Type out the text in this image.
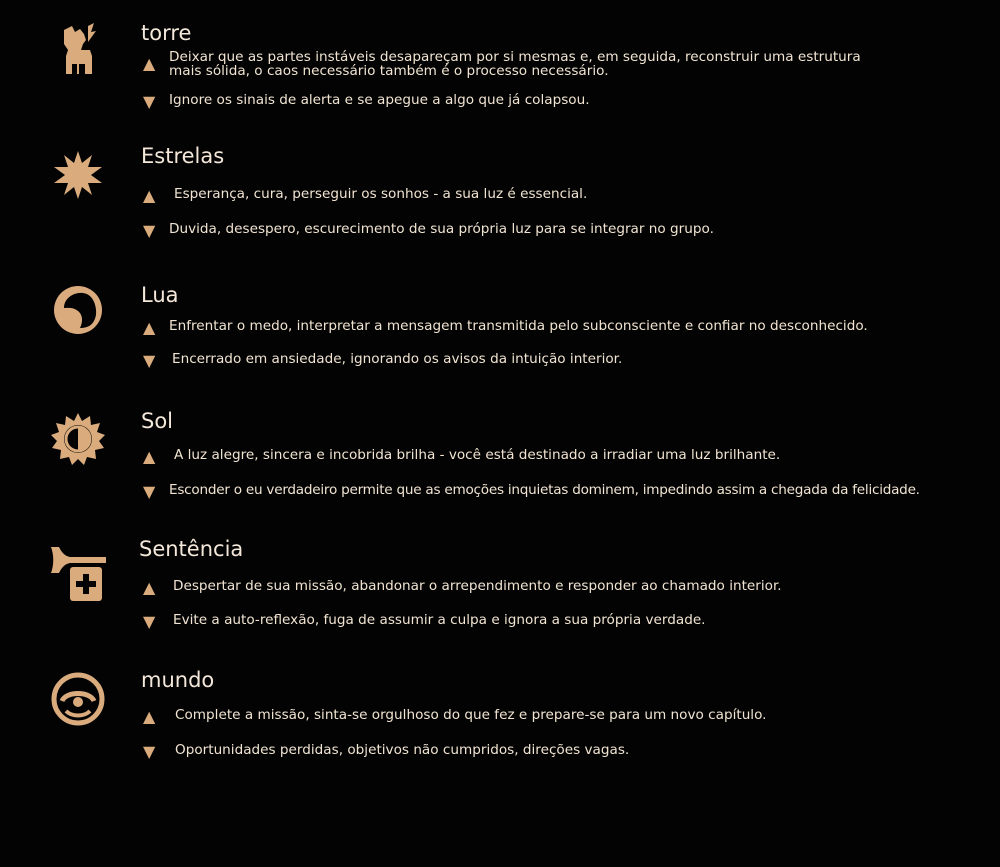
torre
▲ Deixar que as partes instáveis desapareçam por si mesmas e, em seguida, reconstruir uma estrutura
mais sólida, o caos necessário também é o processo necessário.
▼ Ignore os sinais de alerta e se apegue a algo que já colapsou.
Estrelas
▲ Esperança, cura, perseguir os sonhos - a sua luz é essencial.
▼ Duvida, desespero, escurecimento de sua própria luz para se integrar no grupo.
Lua
▲ Enfrentar o medo, interpretar a mensagem transmitida pelo subconsciente e confiar no desconhecido.
▼ Encerrado em ansiedade, ignorando os avisos da intuição interior.
Sol
▲ A luz alegre, sincera e incobrida brilha - você está destinado a irradiar uma luz brilhante.
▼ Esconder o eu verdadeiro permite que as emoções inquietas dominem, impedindo assim a chegada da felicidade.
Sentência
▲ Despertar de sua missão, abandonar o arrependimento e responder ao chamado interior.
▼ Evite a auto-reflexão, fuga de assumir a culpa e ignora a sua própria verdade.
mundo
▲ Complete a missão, sinta-se orgulhoso do que fez e prepare-se para um novo capítulo.
▼ Oportunidades perdidas, objetivos não cumpridos, direções vagas.
